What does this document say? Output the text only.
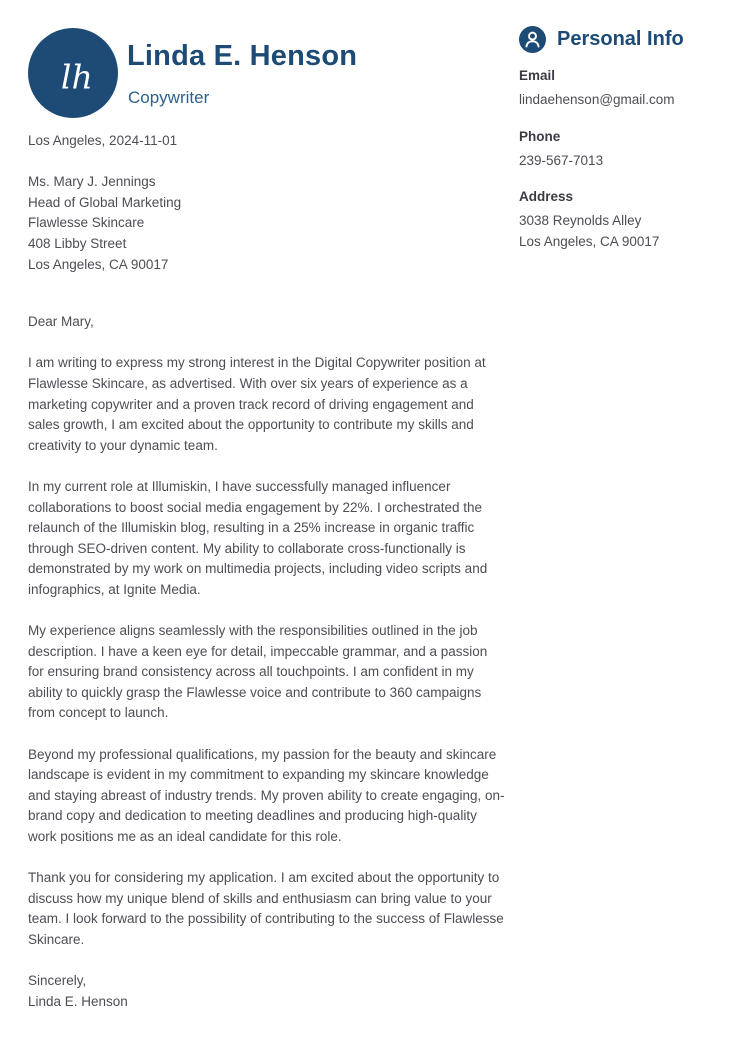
lh
Linda E. Henson
Copywriter
Personal Info
Email
lindaehenson@gmail.com
Phone
239-567-7013
Address
3038 Reynolds Alley
Los Angeles, CA 90017

Los Angeles, 2024-11-01

Ms. Mary J. Jennings
Head of Global Marketing
Flawlesse Skincare
408 Libby Street
Los Angeles, CA 90017

Dear Mary,

I am writing to express my strong interest in the Digital Copywriter position at Flawlesse Skincare, as advertised. With over six years of experience as a marketing copywriter and a proven track record of driving engagement and sales growth, I am excited about the opportunity to contribute my skills and creativity to your dynamic team.

In my current role at Illumiskin, I have successfully managed influencer collaborations to boost social media engagement by 22%. I orchestrated the relaunch of the Illumiskin blog, resulting in a 25% increase in organic traffic through SEO-driven content. My ability to collaborate cross-functionally is demonstrated by my work on multimedia projects, including video scripts and infographics, at Ignite Media.

My experience aligns seamlessly with the responsibilities outlined in the job description. I have a keen eye for detail, impeccable grammar, and a passion for ensuring brand consistency across all touchpoints. I am confident in my ability to quickly grasp the Flawlesse voice and contribute to 360 campaigns from concept to launch.

Beyond my professional qualifications, my passion for the beauty and skincare landscape is evident in my commitment to expanding my skincare knowledge and staying abreast of industry trends. My proven ability to create engaging, on-brand copy and dedication to meeting deadlines and producing high-quality work positions me as an ideal candidate for this role.

Thank you for considering my application. I am excited about the opportunity to discuss how my unique blend of skills and enthusiasm can bring value to your team. I look forward to the possibility of contributing to the success of Flawlesse Skincare.

Sincerely,

Linda E. Henson
